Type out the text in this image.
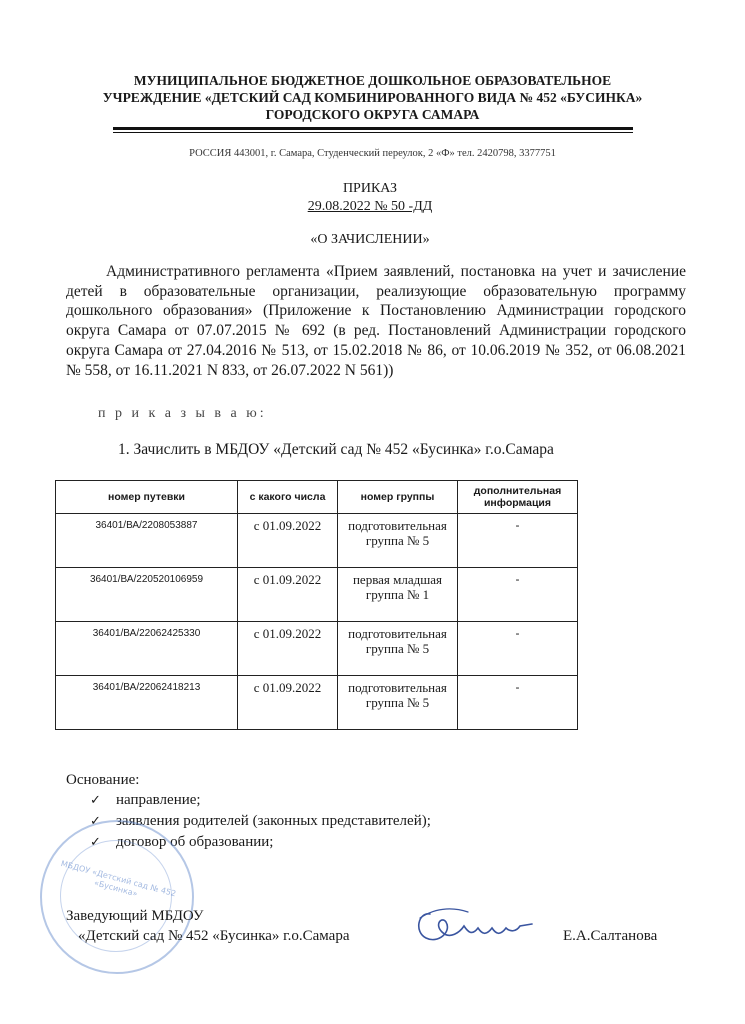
МУНИЦИПАЛЬНОЕ БЮДЖЕТНОЕ ДОШКОЛЬНОЕ ОБРАЗОВАТЕЛЬНОЕ
УЧРЕЖДЕНИЕ «ДЕТСКИЙ САД КОМБИНИРОВАННОГО ВИДА № 452 «БУСИНКА»
ГОРОДСКОГО ОКРУГА САМАРА
РОССИЯ 443001, г. Самара, Студенческий переулок, 2 «Ф» тел. 2420798, 3377751
ПРИКАЗ
29.08.2022 № 50 -ДД
«О ЗАЧИСЛЕНИИ»
Административного регламента «Прием заявлений, постановка на учет и зачисление детей в образовательные организации, реализующие образовательную программу дошкольного образования» (Приложение к Постановлению Администрации городского округа Самара от 07.07.2015 № 692 (в ред. Постановлений Администрации городского округа Самара от 27.04.2016 № 513, от 15.02.2018 № 86, от 10.06.2019 № 352, от 06.08.2021 № 558, от 16.11.2021 N 833, от 26.07.2022 N 561))
п р и к а з ы в а ю:
1. Зачислить в МБДОУ «Детский сад № 452 «Бусинка» г.о.Самара
номер путевки	с какого числа	номер группы	дополнительная информация
36401/ВА/2208053887	с 01.09.2022	подготовительная группа № 5	-
36401/ВА/220520106959	с 01.09.2022	первая младшая группа № 1	-
36401/ВА/22062425330	с 01.09.2022	подготовительная группа № 5	-
36401/ВА/22062418213	с 01.09.2022	подготовительная группа № 5	-
Основание:
✓	направление;
✓	заявления родителей (законных представителей);
✓	договор об образовании;
МБДОУ «Детский сад № 452 «Бусинка»
Заведующий МБДОУ
«Детский сад № 452 «Бусинка» г.о.Самара	Е.А.Салтанова
